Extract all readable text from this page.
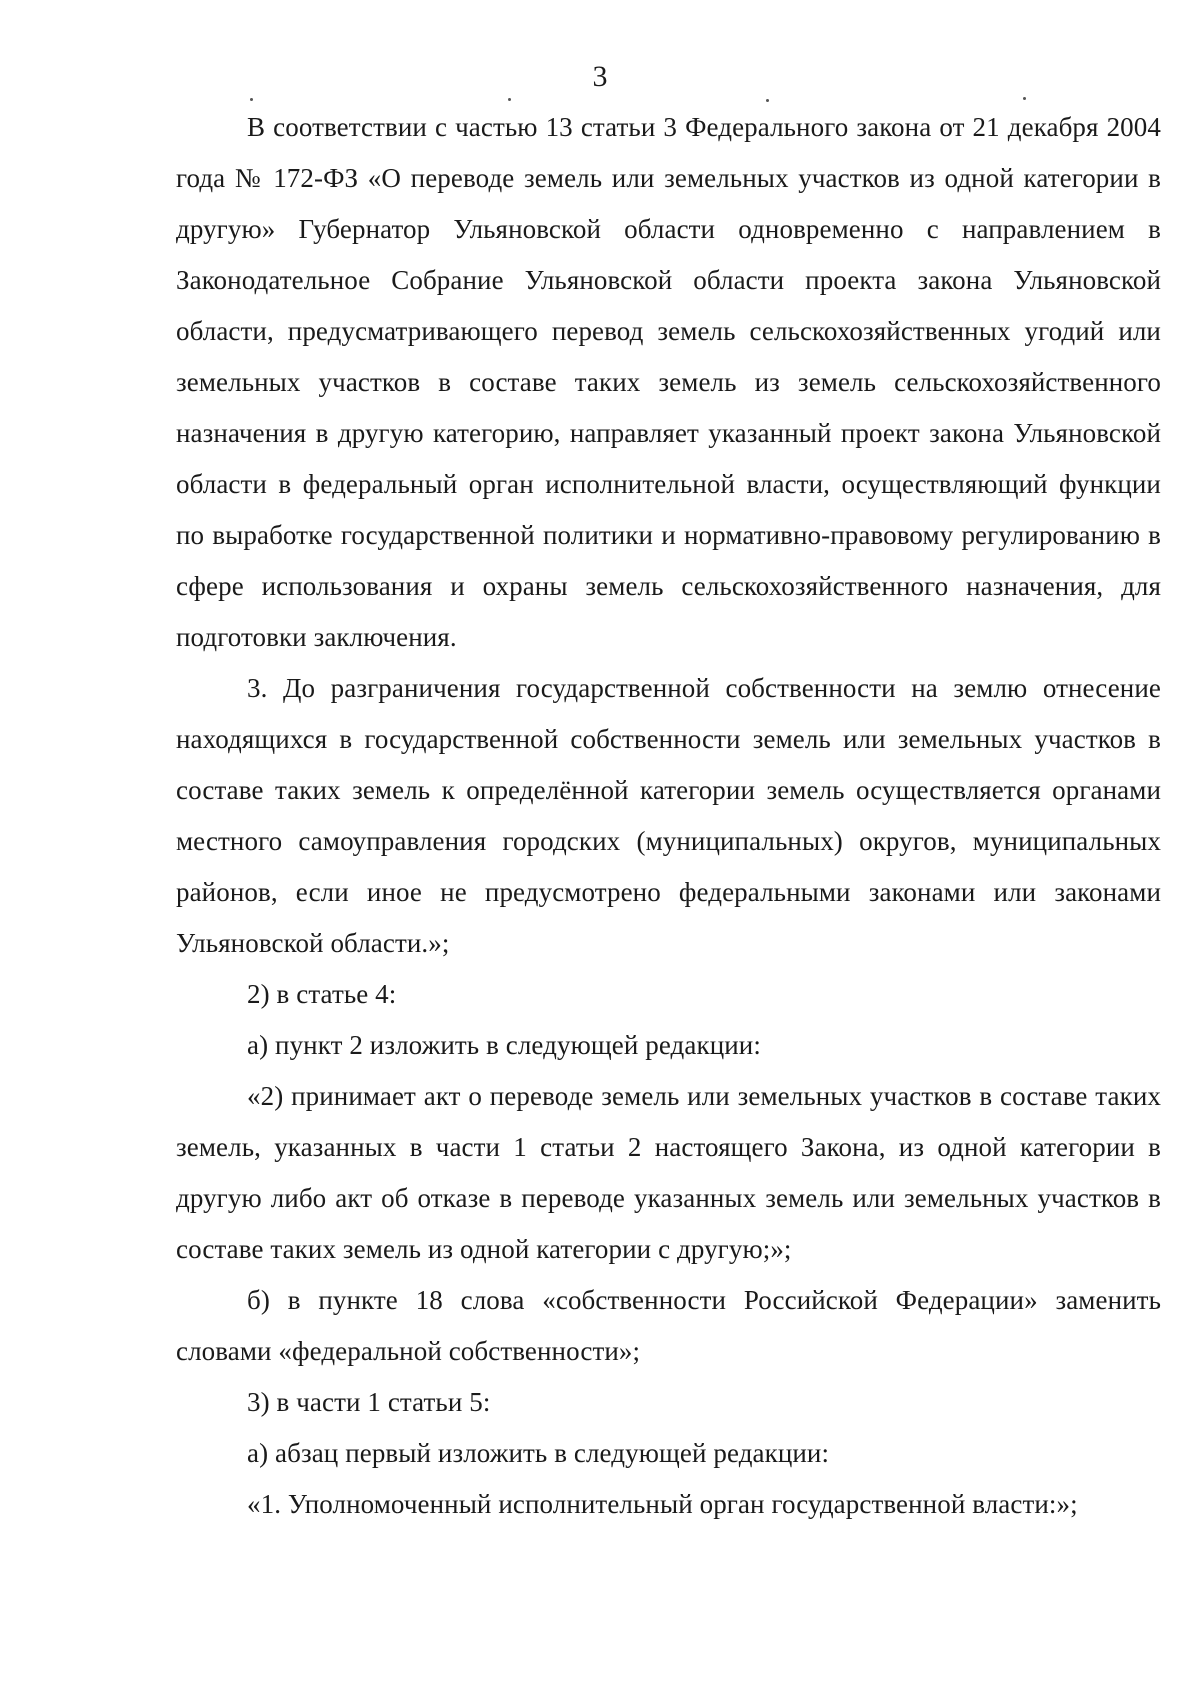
3

В соответствии с частью 13 статьи 3 Федерального закона от 21 декабря 2004 года № 172-ФЗ «О переводе земель или земельных участков из одной категории в другую» Губернатор Ульяновской области одновременно с направлением в Законодательное Собрание Ульяновской области проекта закона Ульяновской области, предусматривающего перевод земель сельскохозяйственных угодий или земельных участков в составе таких земель из земель сельскохозяйственного назначения в другую категорию, направляет указанный проект закона Ульяновской области в федеральный орган исполнительной власти, осуществляющий функции по выработке государственной политики и нормативно-правовому регулированию в сфере использования и охраны земель сельскохозяйственного назначения, для подготовки заключения.

3. До разграничения государственной собственности на землю отнесение находящихся в государственной собственности земель или земельных участков в составе таких земель к определённой категории земель осуществляется органами местного самоуправления городских (муниципальных) округов, муниципальных районов, если иное не предусмотрено федеральными законами или законами Ульяновской области.»;

2) в статье 4:

а) пункт 2 изложить в следующей редакции:

«2) принимает акт о переводе земель или земельных участков в составе таких земель, указанных в части 1 статьи 2 настоящего Закона, из одной категории в другую либо акт об отказе в переводе указанных земель или земельных участков в составе таких земель из одной категории с другую;»;

б) в пункте 18 слова «собственности Российской Федерации» заменить словами «федеральной собственности»;

3) в части 1 статьи 5:

а) абзац первый изложить в следующей редакции:

«1. Уполномоченный исполнительный орган государственной власти:»;
